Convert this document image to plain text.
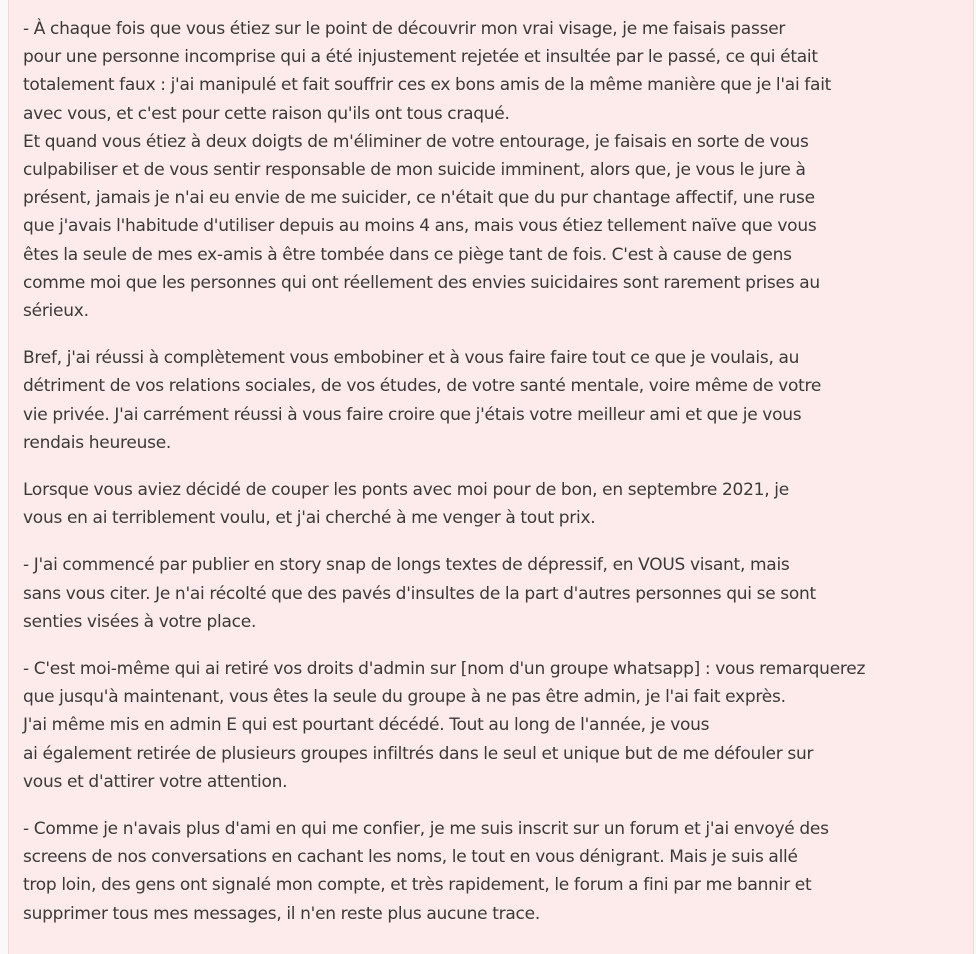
- À chaque fois que vous étiez sur le point de découvrir mon vrai visage, je me faisais passer
pour une personne incomprise qui a été injustement rejetée et insultée par le passé, ce qui était
totalement faux : j'ai manipulé et fait souffrir ces ex bons amis de la même manière que je l'ai fait
avec vous, et c'est pour cette raison qu'ils ont tous craqué.
Et quand vous étiez à deux doigts de m'éliminer de votre entourage, je faisais en sorte de vous
culpabiliser et de vous sentir responsable de mon suicide imminent, alors que, je vous le jure à
présent, jamais je n'ai eu envie de me suicider, ce n'était que du pur chantage affectif, une ruse
que j'avais l'habitude d'utiliser depuis au moins 4 ans, mais vous étiez tellement naïve que vous
êtes la seule de mes ex-amis à être tombée dans ce piège tant de fois. C'est à cause de gens
comme moi que les personnes qui ont réellement des envies suicidaires sont rarement prises au
sérieux.

Bref, j'ai réussi à complètement vous embobiner et à vous faire faire tout ce que je voulais, au
détriment de vos relations sociales, de vos études, de votre santé mentale, voire même de votre
vie privée. J'ai carrément réussi à vous faire croire que j'étais votre meilleur ami et que je vous
rendais heureuse.

Lorsque vous aviez décidé de couper les ponts avec moi pour de bon, en septembre 2021, je
vous en ai terriblement voulu, et j'ai cherché à me venger à tout prix.

- J'ai commencé par publier en story snap de longs textes de dépressif, en VOUS visant, mais
sans vous citer. Je n'ai récolté que des pavés d'insultes de la part d'autres personnes qui se sont
senties visées à votre place.

- C'est moi-même qui ai retiré vos droits d'admin sur [nom d'un groupe whatsapp] : vous remarquerez
que jusqu'à maintenant, vous êtes la seule du groupe à ne pas être admin, je l'ai fait exprès.
J'ai même mis en admin E qui est pourtant décédé. Tout au long de l'année, je vous
ai également retirée de plusieurs groupes infiltrés dans le seul et unique but de me défouler sur
vous et d'attirer votre attention.

- Comme je n'avais plus d'ami en qui me confier, je me suis inscrit sur un forum et j'ai envoyé des
screens de nos conversations en cachant les noms, le tout en vous dénigrant. Mais je suis allé
trop loin, des gens ont signalé mon compte, et très rapidement, le forum a fini par me bannir et
supprimer tous mes messages, il n'en reste plus aucune trace.
